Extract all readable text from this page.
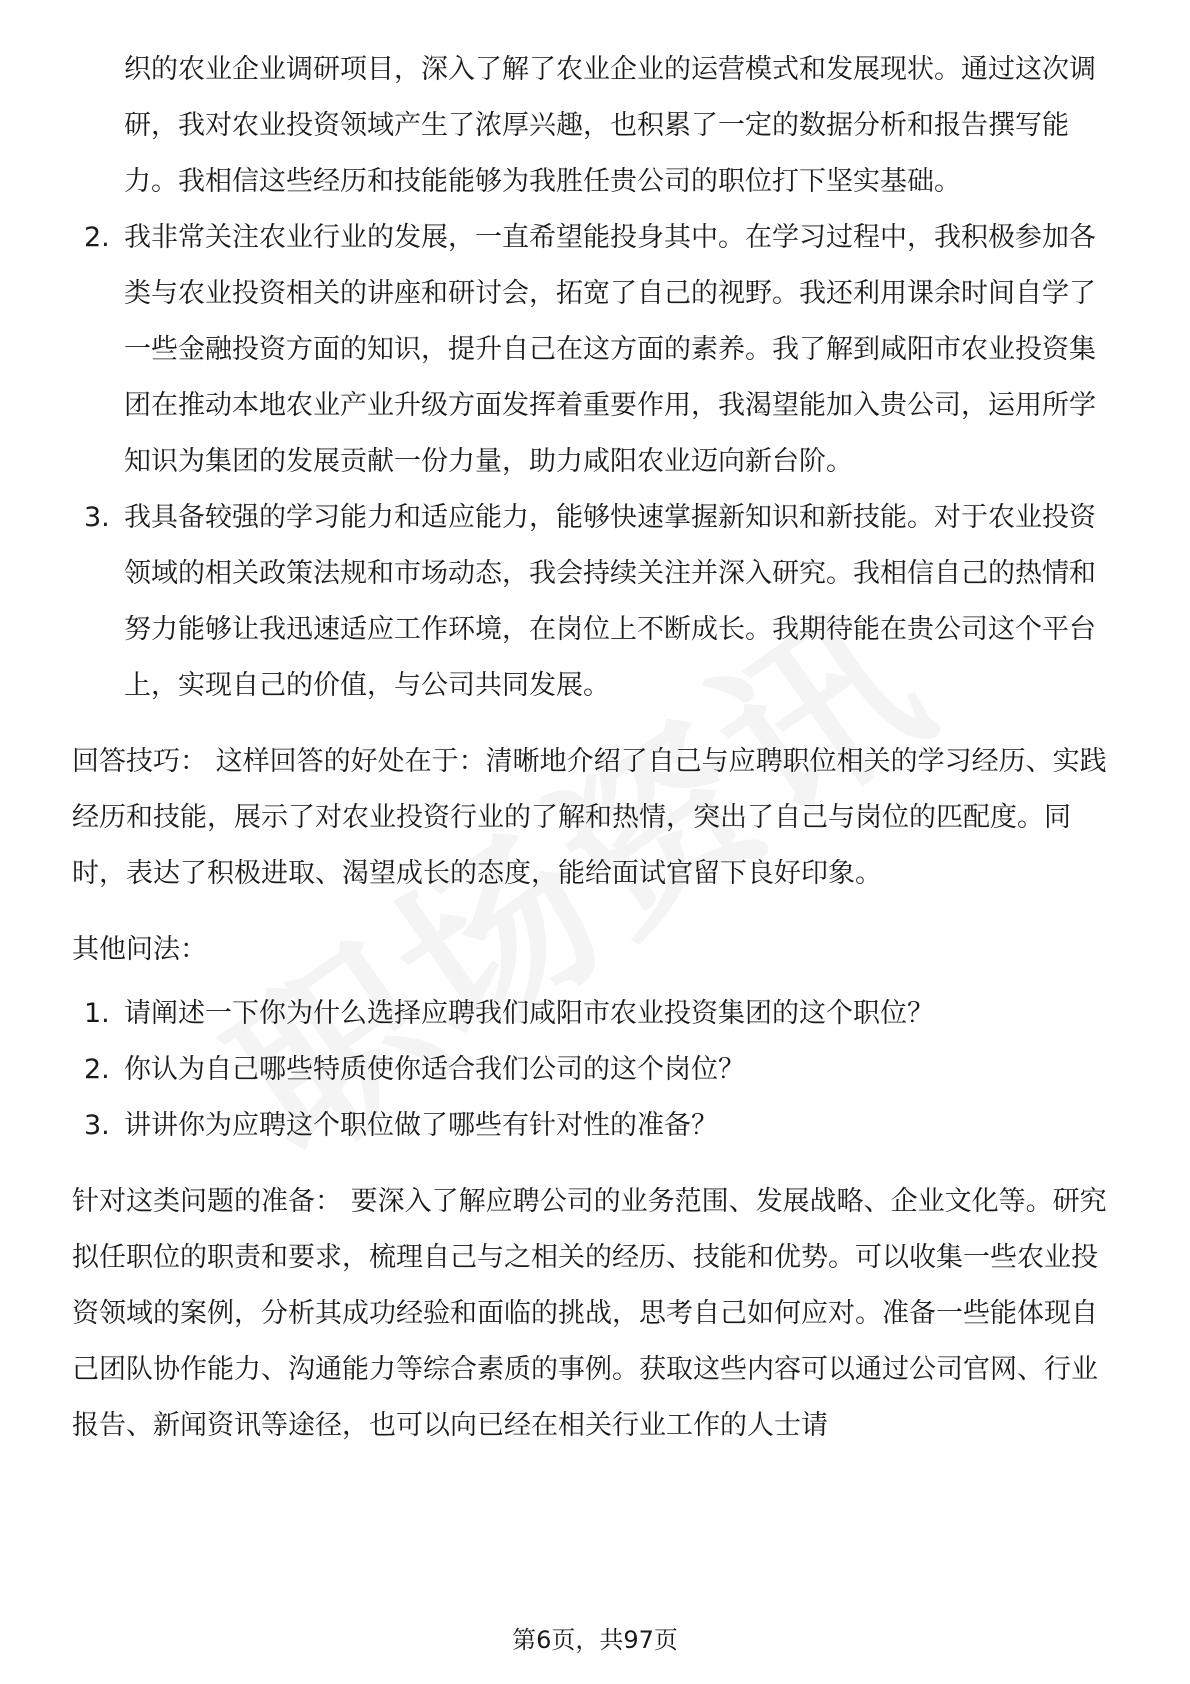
织的农业企业调研项目，深入了解了农业企业的运营模式和发展现状。通过这次调研，我对农业投资领域产生了浓厚兴趣，也积累了一定的数据分析和报告撰写能力。我相信这些经历和技能能够为我胜任贵公司的职位打下坚实基础。

2. 我非常关注农业行业的发展，一直希望能投身其中。在学习过程中，我积极参加各类与农业投资相关的讲座和研讨会，拓宽了自己的视野。我还利用课余时间自学了一些金融投资方面的知识，提升自己在这方面的素养。我了解到咸阳市农业投资集团在推动本地农业产业升级方面发挥着重要作用，我渴望能加入贵公司，运用所学知识为集团的发展贡献一份力量，助力咸阳农业迈向新台阶。
3. 我具备较强的学习能力和适应能力，能够快速掌握新知识和新技能。对于农业投资领域的相关政策法规和市场动态，我会持续关注并深入研究。我相信自己的热情和努力能够让我迅速适应工作环境，在岗位上不断成长。我期待能在贵公司这个平台上，实现自己的价值，与公司共同发展。

回答技巧： 这样回答的好处在于：清晰地介绍了自己与应聘职位相关的学习经历、实践经历和技能，展示了对农业投资行业的了解和热情，突出了自己与岗位的匹配度。同时，表达了积极进取、渴望成长的态度，能给面试官留下良好印象。

其他问法：

1. 请阐述一下你为什么选择应聘我们咸阳市农业投资集团的这个职位？
2. 你认为自己哪些特质使你适合我们公司的这个岗位？
3. 讲讲你为应聘这个职位做了哪些有针对性的准备？

针对这类问题的准备： 要深入了解应聘公司的业务范围、发展战略、企业文化等。研究拟任职位的职责和要求，梳理自己与之相关的经历、技能和优势。可以收集一些农业投资领域的案例，分析其成功经验和面临的挑战，思考自己如何应对。准备一些能体现自己团队协作能力、沟通能力等综合素质的事例。获取这些内容可以通过公司官网、行业报告、新闻资讯等途径，也可以向已经在相关行业工作的人士请

第6页，共97页
